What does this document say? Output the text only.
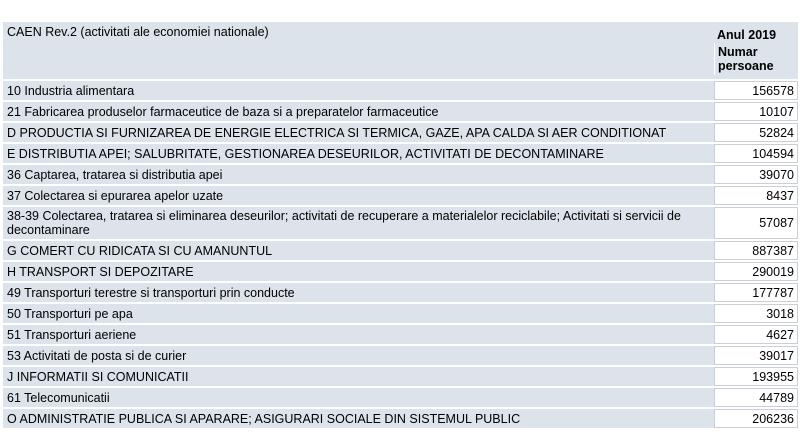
CAEN Rev.2 (activitati ale economiei nationale)	Anul 2019
Numar
persoane

10 Industria alimentara	156578
21 Fabricarea produselor farmaceutice de baza si a preparatelor farmaceutice	10107
D PRODUCTIA SI FURNIZAREA DE ENERGIE ELECTRICA SI TERMICA, GAZE, APA CALDA SI AER CONDITIONAT	52824
E DISTRIBUTIA APEI; SALUBRITATE, GESTIONAREA DESEURILOR, ACTIVITATI DE DECONTAMINARE	104594
36 Captarea, tratarea si distributia apei	39070
37 Colectarea si epurarea apelor uzate	8437
38-39 Colectarea, tratarea si eliminarea deseurilor; activitati de recuperare a materialelor reciclabile; Activitati si servicii de decontaminare	57087
G COMERT CU RIDICATA SI CU AMANUNTUL	887387
H TRANSPORT SI DEPOZITARE	290019
49 Transporturi terestre si transporturi prin conducte	177787
50 Transporturi pe apa	3018
51 Transporturi aeriene	4627
53 Activitati de posta si de curier	39017
J INFORMATII SI COMUNICATII	193955
61 Telecomunicatii	44789
O ADMINISTRATIE PUBLICA SI APARARE; ASIGURARI SOCIALE DIN SISTEMUL PUBLIC	206236
